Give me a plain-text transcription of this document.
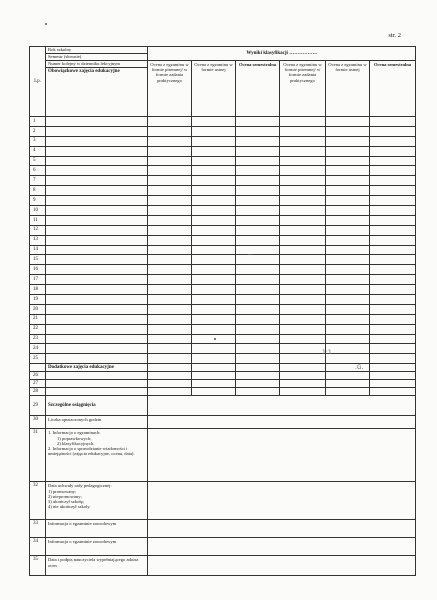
str. 2
Lp.	Rok szkolny	Wyniki klasyfikacji ……………..					
	Semestr (słownie)						
	Numer kolejny w dzienniku lekcyjnym	Ocena z egzaminu w formie pisemnej/ w formie zadania praktycznego	Ocena z egzaminu w formie ustnej	Ocena semestralna	Ocena z egzaminu w formie pisemnej/ w formie zadania praktycznego	Ocena z egzaminu w formie ustnej	Ocena semestralna
	Obowiązkowe zajęcia edukacyjne						
1							
2							
3							
4							
5							
6							
7							
8							
9							
10							
11							
12							
13							
14							
15							
16							
17							
18							
19							
20							
21							
22							
23							
24							
25							
	Dodatkowe zajęcia edukacyjne						
26							
27							
28							
29	Szczególne osiągnięcia						
30	Liczba opuszczonych godzin						

31	1. Informacja o egzaminach:
1) poprawkowych;
2) klasyfikacyjnych.
2. Informacja o sprawdzianie wiadomości i umiejętności (zajęcia edukacyjne, ocena, data).						

32	Data uchwały rady pedagogicznej:
1) promowany;
2) niepromowany;
3) ukończył szkołę;
4) nie ukończył szkoły.						

33	Informacja o egzaminie zawodowym						

34	Informacja o egzaminie zawodowym						

35	Data i podpis nauczyciela wypełniającego arkusz ocen						

~
1:1
.G.
